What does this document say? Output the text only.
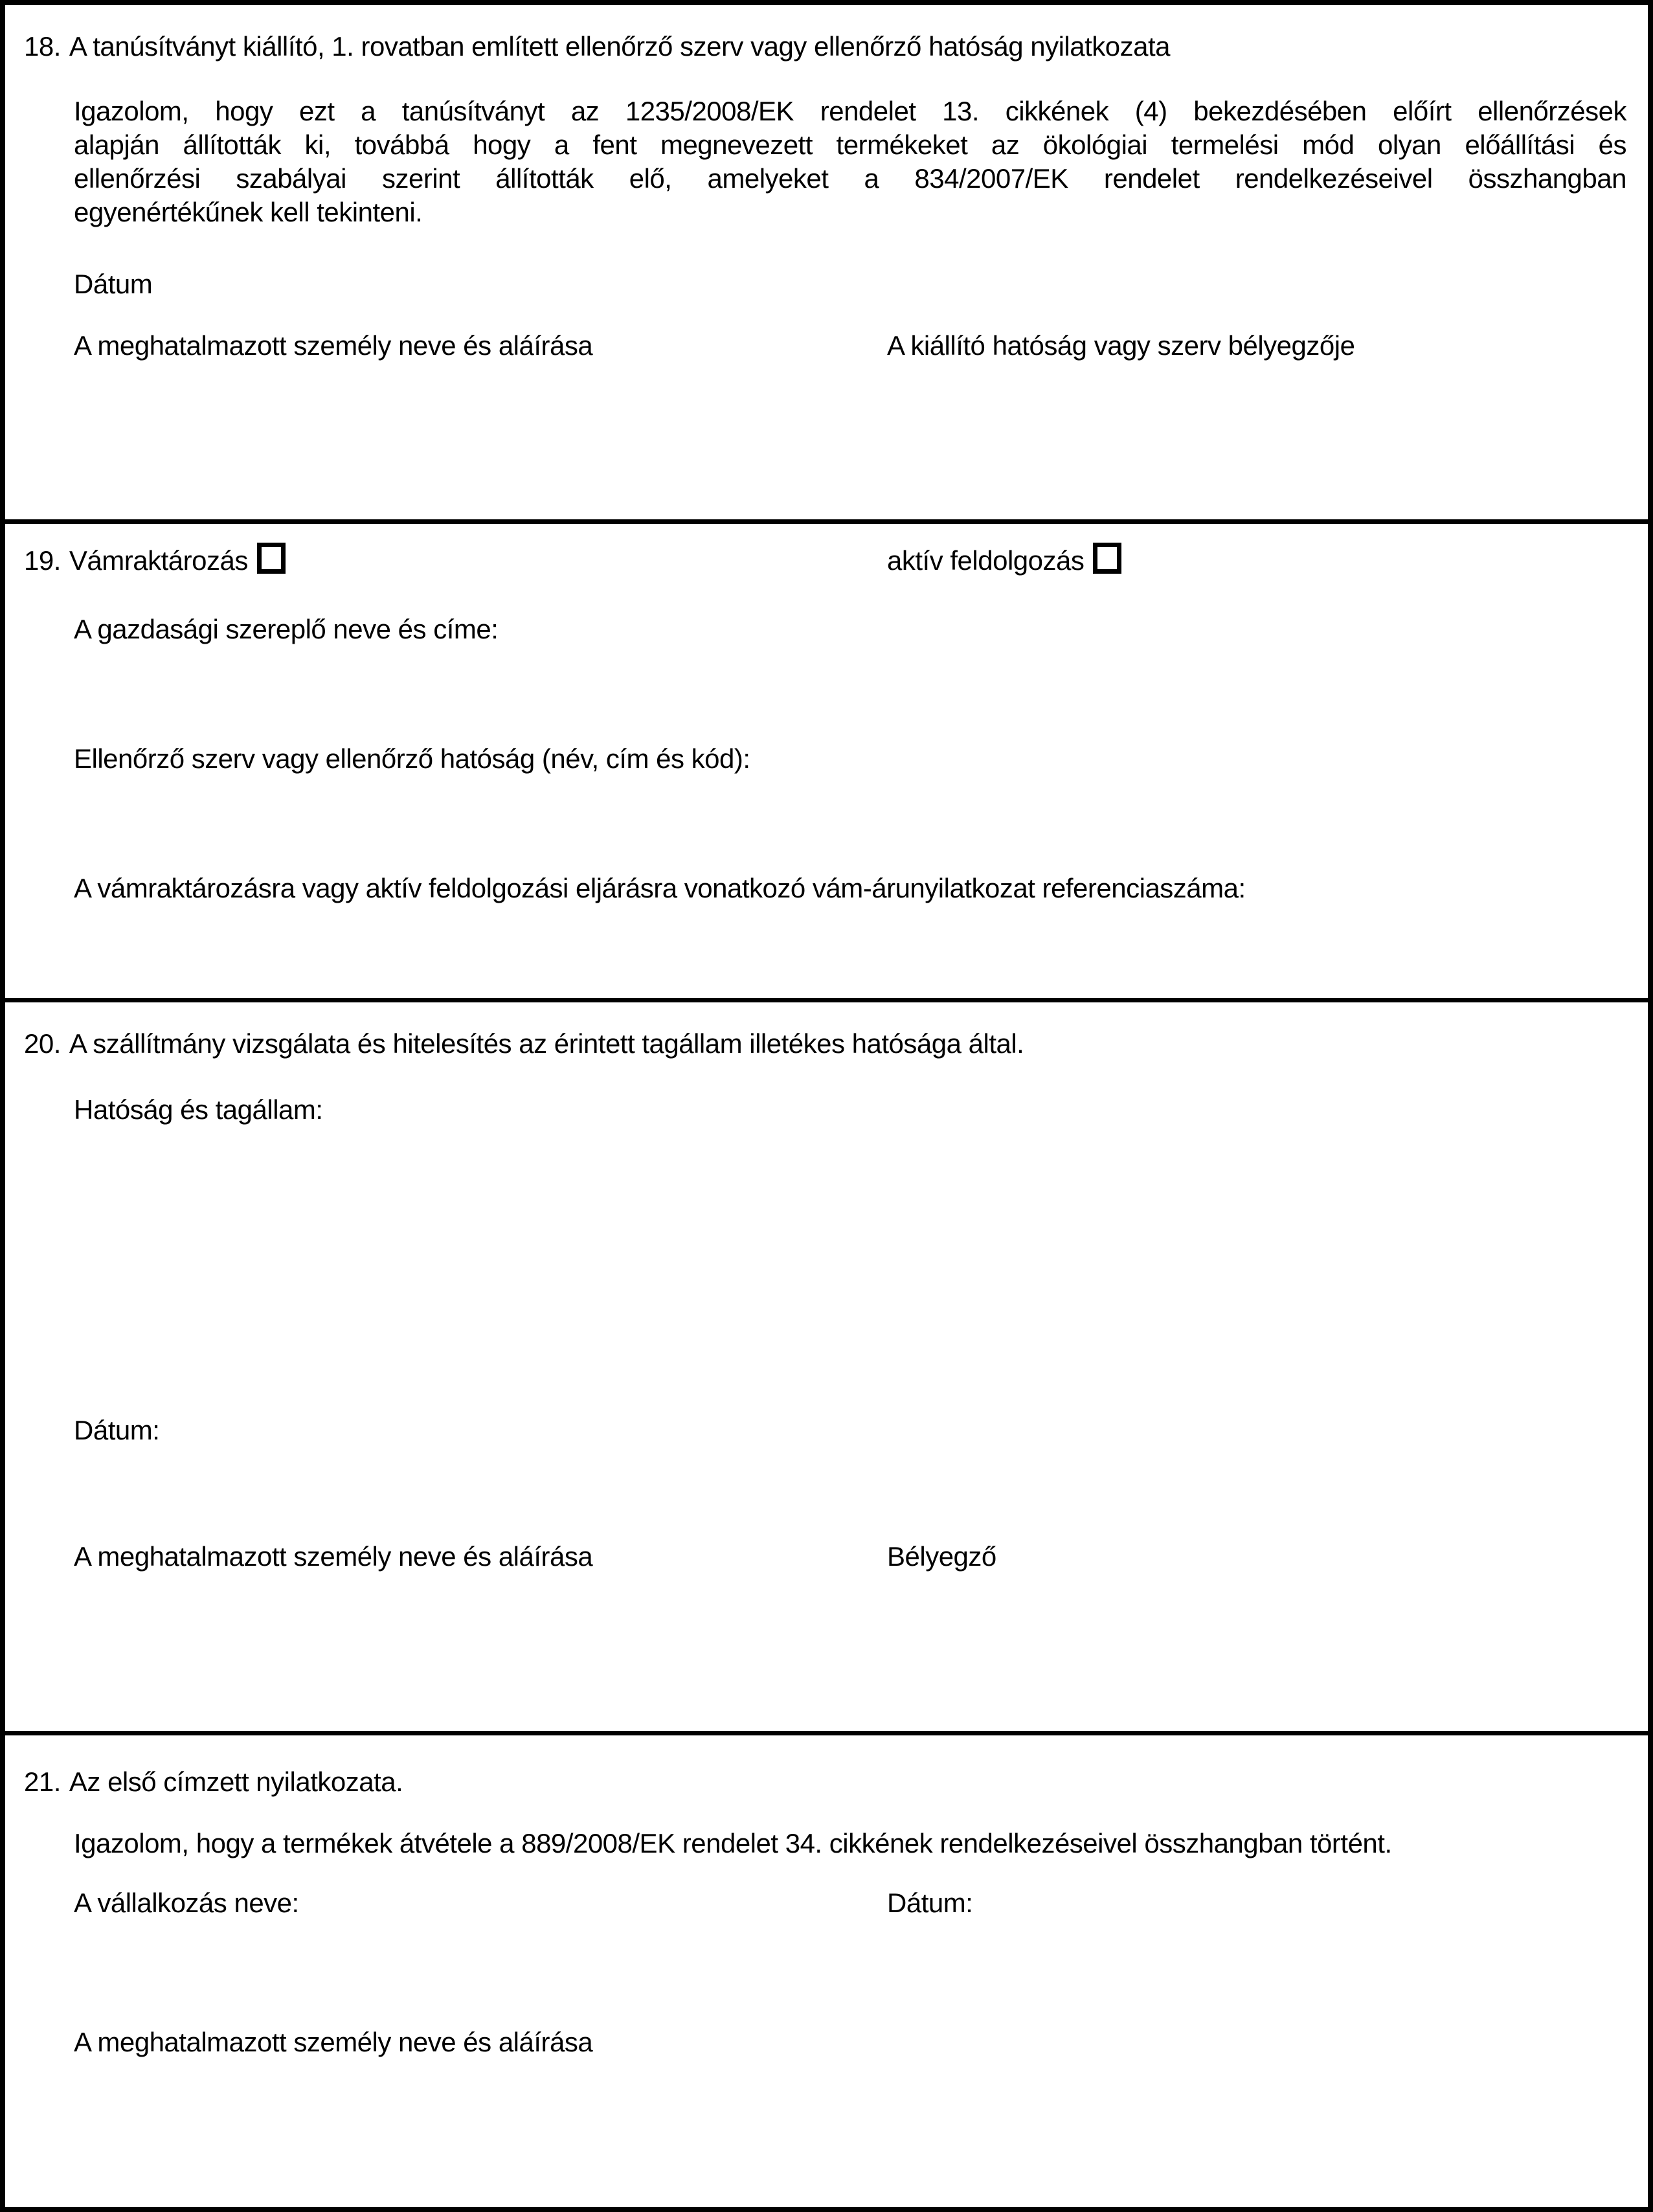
18. A tanúsítványt kiállító, 1. rovatban említett ellenőrző szerv vagy ellenőrző hatóság nyilatkozata
Igazolom, hogy ezt a tanúsítványt az 1235/2008/EK rendelet 13. cikkének (4) bekezdésében előírt ellenőrzések
alapján állították ki, továbbá hogy a fent megnevezett termékeket az ökológiai termelési mód olyan előállítási és
ellenőrzési szabályai szerint állították elő, amelyeket a 834/2007/EK rendelet rendelkezéseivel összhangban
egyenértékűnek kell tekinteni.
Dátum
A meghatalmazott személy neve és aláírása	A kiállító hatóság vagy szerv bélyegzője
19. Vámraktározás	aktív feldolgozás
A gazdasági szereplő neve és címe:
Ellenőrző szerv vagy ellenőrző hatóság (név, cím és kód):
A vámraktározásra vagy aktív feldolgozási eljárásra vonatkozó vám-árunyilatkozat referenciaszáma:
20. A szállítmány vizsgálata és hitelesítés az érintett tagállam illetékes hatósága által.
Hatóság és tagállam:
Dátum:
A meghatalmazott személy neve és aláírása	Bélyegző
21. Az első címzett nyilatkozata.
Igazolom, hogy a termékek átvétele a 889/2008/EK rendelet 34. cikkének rendelkezéseivel összhangban történt.
A vállalkozás neve:	Dátum:
A meghatalmazott személy neve és aláírása
